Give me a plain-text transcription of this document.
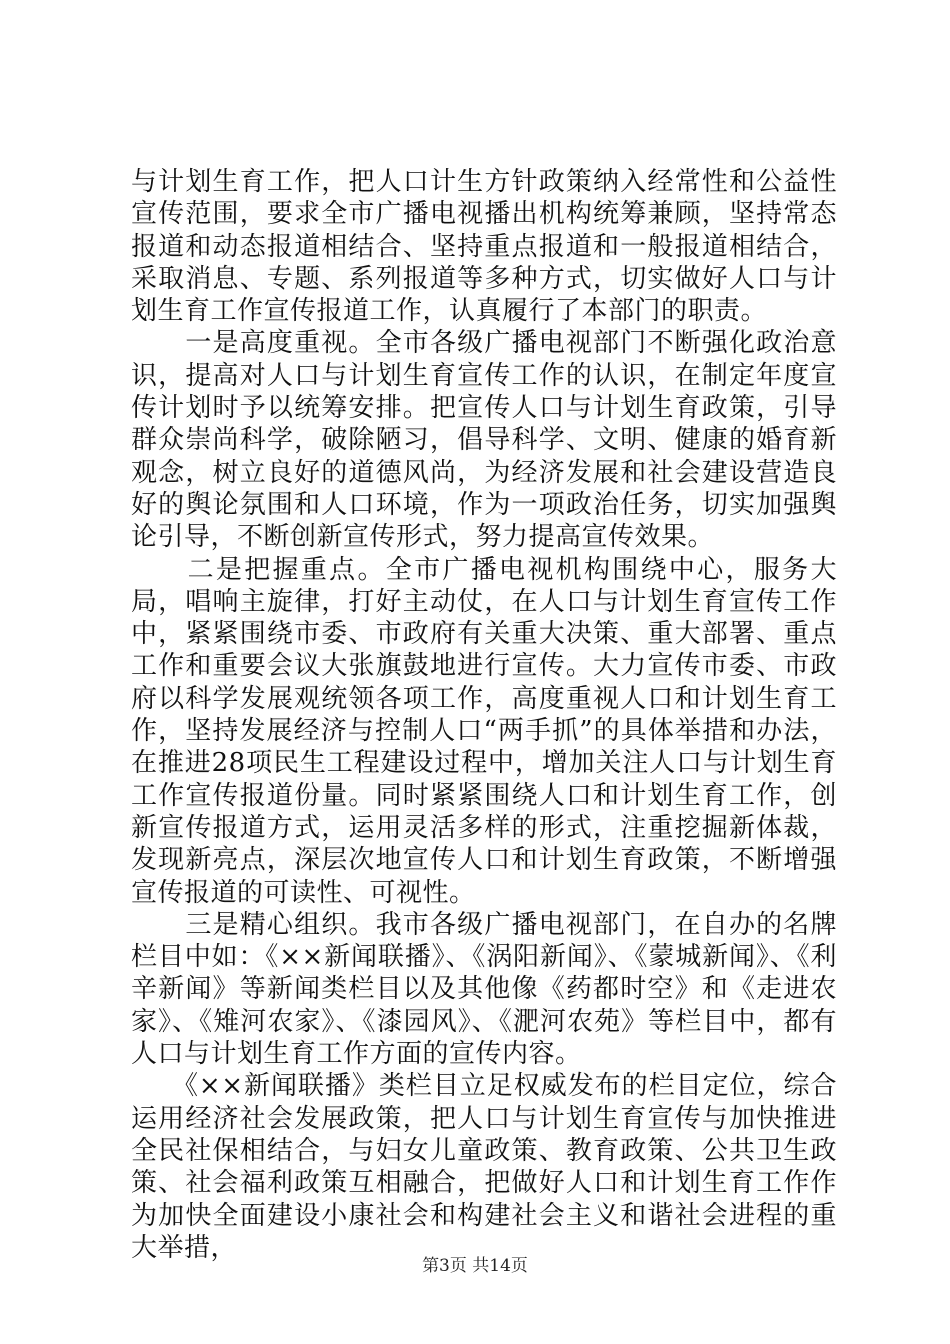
与计划生育工作，把人口计生方针政策纳入经常性和公益性宣传范围，要求全市广播电视播出机构统筹兼顾，坚持常态报道和动态报道相结合、坚持重点报道和一般报道相结合，采取消息、专题、系列报道等多种方式，切实做好人口与计划生育工作宣传报道工作，认真履行了本部门的职责。

　　一是高度重视。全市各级广播电视部门不断强化政治意识，提高对人口与计划生育宣传工作的认识，在制定年度宣传计划时予以统筹安排。把宣传人口与计划生育政策，引导群众崇尚科学，破除陋习，倡导科学、文明、健康的婚育新观念，树立良好的道德风尚，为经济发展和社会建设营造良好的舆论氛围和人口环境，作为一项政治任务，切实加强舆论引导，不断创新宣传形式，努力提高宣传效果。

　　二是把握重点。全市广播电视机构围绕中心，服务大局，唱响主旋律，打好主动仗，在人口与计划生育宣传工作中，紧紧围绕市委、市政府有关重大决策、重大部署、重点工作和重要会议大张旗鼓地进行宣传。大力宣传市委、市政府以科学发展观统领各项工作，高度重视人口和计划生育工作，坚持发展经济与控制人口“两手抓”的具体举措和办法，在推进28项民生工程建设过程中，增加关注人口与计划生育工作宣传报道份量。同时紧紧围绕人口和计划生育工作，创新宣传报道方式，运用灵活多样的形式，注重挖掘新体裁，发现新亮点，深层次地宣传人口和计划生育政策，不断增强宣传报道的可读性、可视性。

　　三是精心组织。我市各级广播电视部门，在自办的名牌栏目中如：《××新闻联播》、《涡阳新闻》、《蒙城新闻》、《利辛新闻》等新闻类栏目以及其他像《药都时空》和《走进农家》、《雉河农家》、《漆园风》、《淝河农苑》等栏目中，都有人口与计划生育工作方面的宣传内容。

　　《××新闻联播》类栏目立足权威发布的栏目定位，综合运用经济社会发展政策，把人口与计划生育宣传与加快推进全民社保相结合，与妇女儿童政策、教育政策、公共卫生政策、社会福利政策互相融合，把做好人口和计划生育工作作为加快全面建设小康社会和构建社会主义和谐社会进程的重大举措，

第3页 共14页
